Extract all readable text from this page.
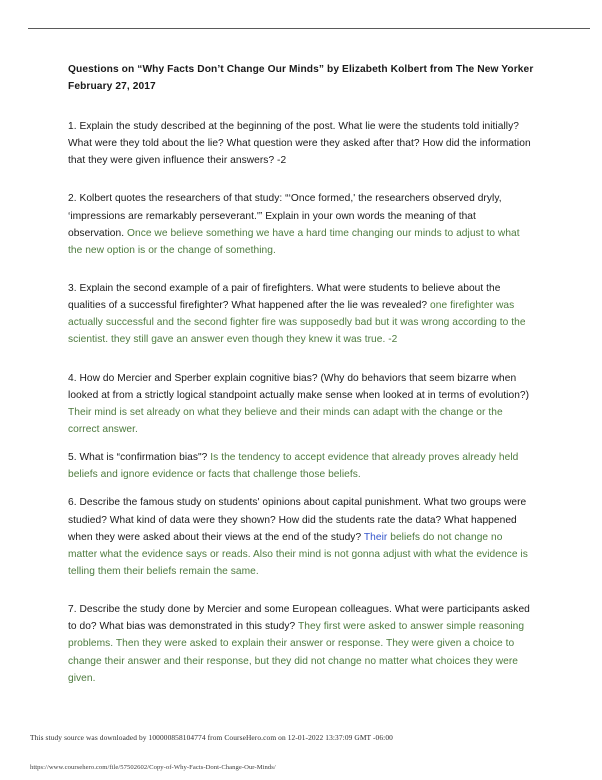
Questions on “Why Facts Don’t Change Our Minds” by Elizabeth Kolbert from The New Yorker February 27, 2017

1. Explain the study described at the beginning of the post. What lie were the students told initially? What were they told about the lie? What question were they asked after that? How did the information that they were given influence their answers? -2

2. Kolbert quotes the researchers of that study: “‘Once formed,' the researchers observed dryly, ‘impressions are remarkably perseverant.'” Explain in your own words the meaning of that observation. Once we believe something we have a hard time changing our minds to adjust to what the new option is or the change of something.

3. Explain the second example of a pair of firefighters. What were students to believe about the qualities of a successful firefighter? What happened after the lie was revealed? one firefighter was actually successful and the second fighter fire was supposedly bad but it was wrong according to the scientist. they still gave an answer even though they knew it was true. -2

4. How do Mercier and Sperber explain cognitive bias? (Why do behaviors that seem bizarre when looked at from a strictly logical standpoint actually make sense when looked at in terms of evolution?) Their mind is set already on what they believe and their minds can adapt with the change or the correct answer.

5. What is “confirmation bias"? Is the tendency to accept evidence that already proves already held beliefs and ignore evidence or facts that challenge those beliefs.

6. Describe the famous study on students' opinions about capital punishment. What two groups were studied? What kind of data were they shown? How did the students rate the data? What happened when they were asked about their views at the end of the study? Their beliefs do not change no matter what the evidence says or reads. Also their mind is not gonna adjust with what the evidence is telling them their beliefs remain the same.

7. Describe the study done by Mercier and some European colleagues. What were participants asked to do? What bias was demonstrated in this study? They first were asked to answer simple reasoning problems. Then they were asked to explain their answer or response. They were given a choice to change their answer and their response, but they did not change no matter what choices they were given.

This study source was downloaded by 100000858104774 from CourseHero.com on 12-01-2022 13:37:09 GMT -06:00
https://www.coursehero.com/file/57502602/Copy-of-Why-Facts-Dont-Change-Our-Minds/
